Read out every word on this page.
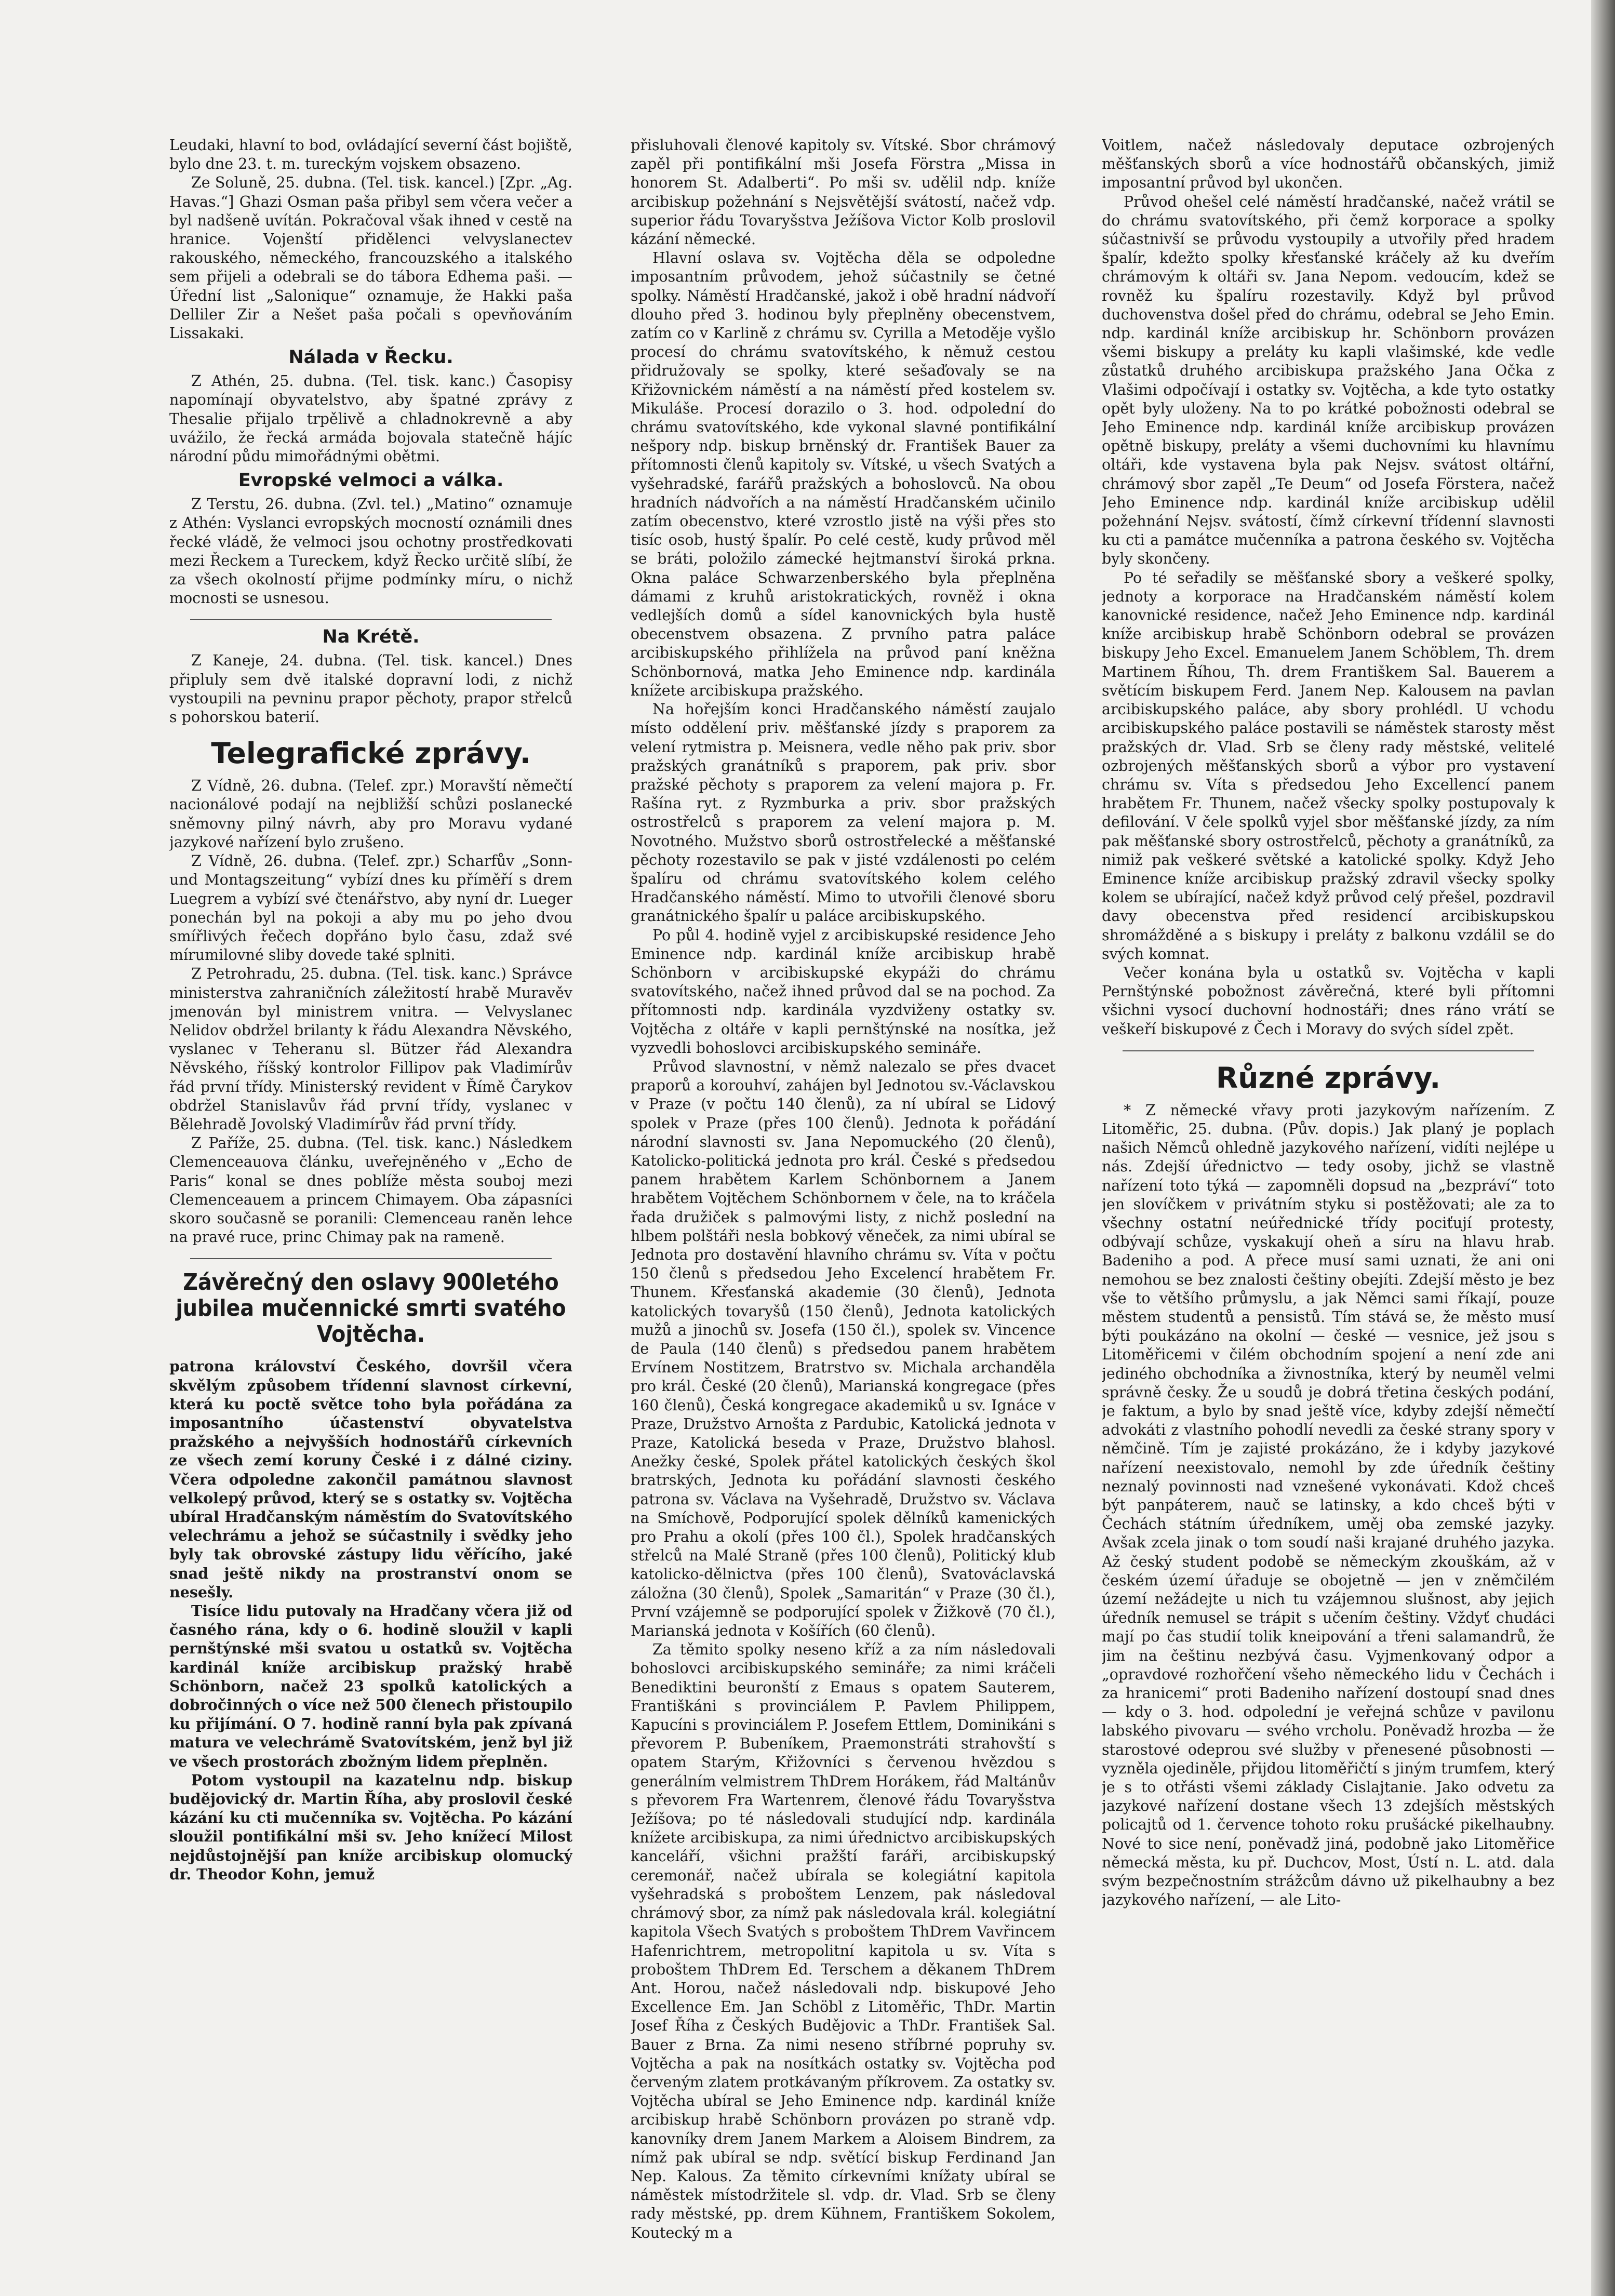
Leudaki, hlavní to bod, ovládající severní část bojiště, bylo dne 23. t. m. tureckým vojskem obsazeno.

Ze Soluně, 25. dubna. (Tel. tisk. kancel.) [Zpr. „Ag. Havas.“] Ghazi Osman paša přibyl sem včera večer a byl nadšeně uvítán. Pokračoval však ihned v cestě na hranice. Vojenští přidělenci velvyslanectev rakouského, německého, francouzského a italského sem přijeli a odebrali se do tábora Edhema paši. — Úřední list „Salonique“ oznamuje, že Hakki paša Delliler Zir a Nešet paša počali s opevňováním Lissakaki.

Nálada v Řecku.

Z Athén, 25. dubna. (Tel. tisk. kanc.) Časopisy napomínají obyvatelstvo, aby špatné zprávy z Thesalie přijalo trpělivě a chladnokrevně a aby uvážilo, že řecká armáda bojovala statečně hájíc národní půdu mimořádnými obětmi.

Evropské velmoci a válka.

Z Terstu, 26. dubna. (Zvl. tel.) „Matino“ oznamuje z Athén: Vyslanci evropských mocností oznámili dnes řecké vládě, že velmoci jsou ochotny prostředkovati mezi Řeckem a Tureckem, když Řecko určitě slíbí, že za všech okolností přijme podmínky míru, o nichž mocnosti se usnesou.

Na Krétě.

Z Kaneje, 24. dubna. (Tel. tisk. kancel.) Dnes připluly sem dvě italské dopravní lodi, z nichž vystoupili na pevninu prapor pěchoty, prapor střelců s pohorskou baterií.

Telegrafické zprávy.

Z Vídně, 26. dubna. (Telef. zpr.) Moravští němečtí nacionálové podají na nejbližší schůzi poslanecké sněmovny pilný návrh, aby pro Moravu vydané jazykové nařízení bylo zrušeno.

Z Vídně, 26. dubna. (Telef. zpr.) Scharfův „Sonn- und Montagszeitung“ vybízí dnes ku příměří s drem Luegrem a vybízí své čtenářstvo, aby nyní dr. Lueger ponechán byl na pokoji a aby mu po jeho dvou smířlivých řečech dopřáno bylo času, zdaž své mírumilovné sliby dovede také splniti.

Z Petrohradu, 25. dubna. (Tel. tisk. kanc.) Správce ministerstva zahraničních záležitostí hrabě Muravěv jmenován byl ministrem vnitra. — Velvyslanec Nelidov obdržel brilanty k řádu Alexandra Něvského, vyslanec v Teheranu sl. Bützer řád Alexandra Něvského, říšský kontrolor Fillipov pak Vladimírův řád první třídy. Ministerský revident v Římě Čarykov obdržel Stanislavův řád první třídy, vyslanec v Bělehradě Jovolský Vladimírův řád první třídy.

Z Paříže, 25. dubna. (Tel. tisk. kanc.) Následkem Clemenceauova článku, uveřejněného v „Echo de Paris“ konal se dnes poblíže města souboj mezi Clemenceauem a princem Chimayem. Oba zápasníci skoro současně se poranili: Clemenceau raněn lehce na pravé ruce, princ Chimay pak na rameně.

Závěrečný den oslavy 900letého jubilea mučennické smrti svatého Vojtěcha.

patrona království Českého, dovršil včera skvělým způsobem třídenní slavnost církevní, která ku poctě světce toho byla pořádána za imposantního účastenství obyvatelstva pražského a nejvyšších hodnostářů církevních ze všech zemí koruny České i z dálné ciziny. Včera odpoledne zakončil památnou slavnost velkolepý průvod, který se s ostatky sv. Vojtěcha ubíral Hradčanským náměstím do Svatovítského velechrámu a jehož se súčastnily i svědky jeho byly tak obrovské zástupy lidu věřícího, jaké snad ještě nikdy na prostranství onom se nesešly.

Tisíce lidu putovaly na Hradčany včera již od časného rána, kdy o 6. hodině sloužil v kapli pernštýnské mši svatou u ostatků sv. Vojtěcha kardinál kníže arcibiskup pražský hrabě Schönborn, načež 23 spolků katolických a dobročinných o více než 500 členech přistoupilo ku přijímání. O 7. hodině ranní byla pak zpívaná matura ve velechrámě Svatovítském, jenž byl již ve všech prostorách zbožným lidem přeplněn.

Potom vystoupil na kazatelnu ndp. biskup budějovický dr. Martin Říha, aby proslovil české kázání ku cti mučenníka sv. Vojtěcha. Po kázání sloužil pontifikální mši sv. Jeho knížecí Milost nejdůstojnější pan kníže arcibiskup olomucký dr. Theodor Kohn, jemuž

přisluhovali členové kapitoly sv. Vítské. Sbor chrámový zapěl při pontifikální mši Josefa Förstra „Missa in honorem St. Adalberti“. Po mši sv. udělil ndp. kníže arcibiskup požehnání s Nejsvětější svátostí, načež vdp. superior řádu Tovaryšstva Ježíšova Victor Kolb proslovil kázání německé.

Hlavní oslava sv. Vojtěcha děla se odpoledne imposantním průvodem, jehož súčastnily se četné spolky. Náměstí Hradčanské, jakož i obě hradní nádvoří dlouho před 3. hodinou byly přeplněny obecenstvem, zatím co v Karlině z chrámu sv. Cyrilla a Metoděje vyšlo procesí do chrámu svatovítského, k němuž cestou přidružovaly se spolky, které sešaďovaly se na Křižovnickém náměstí a na náměstí před kostelem sv. Mikuláše. Procesí dorazilo o 3. hod. odpolední do chrámu svatovítského, kde vykonal slavné pontifikální nešpory ndp. biskup brněnský dr. František Bauer za přítomnosti členů kapitoly sv. Vítské, u všech Svatých a vyšehradské, farářů pražských a bohoslovců. Na obou hradních nádvořích a na náměstí Hradčanském učinilo zatím obecenstvo, které vzrostlo jistě na výši přes sto tisíc osob, hustý špalír. Po celé cestě, kudy průvod měl se bráti, položilo zámecké hejtmanství široká prkna. Okna paláce Schwarzenberského byla přeplněna dámami z kruhů aristokratických, rovněž i okna vedlejších domů a sídel kanovnických byla hustě obecenstvem obsazena. Z prvního patra paláce arcibiskupského přihlížela na průvod paní kněžna Schönbornová, matka Jeho Eminence ndp. kardinála knížete arcibiskupa pražského.

Na hořejším konci Hradčanského náměstí zaujalo místo oddělení priv. měšťanské jízdy s praporem za velení rytmistra p. Meisnera, vedle něho pak priv. sbor pražských granátníků s praporem, pak priv. sbor pražské pěchoty s praporem za velení majora p. Fr. Rašína ryt. z Ryzmburka a priv. sbor pražských ostrostřelců s praporem za velení majora p. M. Novotného. Mužstvo sborů ostrostřelecké a měšťanské pěchoty rozestavilo se pak v jisté vzdálenosti po celém špalíru od chrámu svatovítského kolem celého Hradčanského náměstí. Mimo to utvořili členové sboru granátnického špalír u paláce arcibiskupského.

Po půl 4. hodině vyjel z arcibiskupské residence Jeho Eminence ndp. kardinál kníže arcibiskup hrabě Schönborn v arcibiskupské ekypáži do chrámu svatovítského, načež ihned průvod dal se na pochod. Za přítomnosti ndp. kardinála vyzdviženy ostatky sv. Vojtěcha z oltáře v kapli pernštýnské na nosítka, jež vyzvedli bohoslovci arcibiskupského semináře.

Průvod slavnostní, v němž nalezalo se přes dvacet praporů a korouhví, zahájen byl Jednotou sv.-Václavskou v Praze (v počtu 140 členů), za ní ubíral se Lidový spolek v Praze (přes 100 členů). Jednota k pořádání národní slavnosti sv. Jana Nepomuckého (20 členů), Katolicko-politická jednota pro král. České s předsedou panem hrabětem Karlem Schönbornem a Janem hrabětem Vojtěchem Schönbornem v čele, na to kráčela řada družiček s palmovými listy, z nichž poslední na hlbem polštáři nesla bobkový věneček, za nimi ubíral se Jednota pro dostavění hlavního chrámu sv. Víta v počtu 150 členů s předsedou Jeho Excelencí hrabětem Fr. Thunem. Křesťanská akademie (30 členů), Jednota katolických tovaryšů (150 členů), Jednota katolických mužů a jinochů sv. Josefa (150 čl.), spolek sv. Vincence de Paula (140 členů) s předsedou panem hrabětem Ervínem Nostitzem, Bratrstvo sv. Michala archanděla pro král. České (20 členů), Marianská kongregace (přes 160 členů), Česká kongregace akademiků u sv. Ignáce v Praze, Družstvo Arnošta z Pardubic, Katolická jednota v Praze, Katolická beseda v Praze, Družstvo blahosl. Anežky české, Spolek přátel katolických českých škol bratrských, Jednota ku pořádání slavnosti českého patrona sv. Václava na Vyšehradě, Družstvo sv. Václava na Smíchově, Podporující spolek dělníků kamenických pro Prahu a okolí (přes 100 čl.), Spolek hradčanských střelců na Malé Straně (přes 100 členů), Politický klub katolicko-dělnictva (přes 100 členů), Svatováclavská záložna (30 členů), Spolek „Samaritán“ v Praze (30 čl.), První vzájemně se podporující spolek v Žižkově (70 čl.), Marianská jednota v Košířích (60 členů).

Za těmito spolky neseno kříž a za ním následovali bohoslovci arcibiskupského semináře; za nimi kráčeli Benediktini beuronští z Emaus s opatem Sauterem, Františkáni s provinciálem P. Pavlem Philippem, Kapucíni s provinciálem P. Josefem Ettlem, Dominikáni s převorem P. Bubeníkem, Praemonstráti strahovští s opatem Starým, Křižovníci s červenou hvězdou s generálním velmistrem ThDrem Horákem, řád Maltánův s převorem Fra Wartenrem, členové řádu Tovaryšstva Ježíšova; po té následovali studující ndp. kardinála knížete arcibiskupa, za nimi úřednictvo arcibiskupských kanceláří, všichni pražští faráři, arcibiskupský ceremonář, načež ubírala se kolegiátní kapitola vyšehradská s proboštem Lenzem, pak následoval chrámový sbor, za nímž pak následovala král. kolegiátní kapitola Všech Svatých s proboštem ThDrem Vavřincem Hafenrichtrem, metropolitní kapitola u sv. Víta s proboštem ThDrem Ed. Terschem a děkanem ThDrem Ant. Horou, načež následovali ndp. biskupové Jeho Excellence Em. Jan Schöbl z Litoměřic, ThDr. Martin Josef Říha z Českých Budějovic a ThDr. František Sal. Bauer z Brna. Za nimi neseno stříbrné popruhy sv. Vojtěcha a pak na nosítkách ostatky sv. Vojtěcha pod červeným zlatem protkávaným příkrovem. Za ostatky sv. Vojtěcha ubíral se Jeho Eminence ndp. kardinál kníže arcibiskup hrabě Schönborn provázen po straně vdp. kanovníky drem Janem Markem a Aloisem Bindrem, za nímž pak ubíral se ndp. světící biskup Ferdinand Jan Nep. Kalous. Za těmito církevními knížaty ubíral se náměstek místodržitele sl. vdp. dr. Vlad. Srb se členy rady městské, pp. drem Kühnem, Františkem Sokolem, Koutecký m a

Voitlem, načež následovaly deputace ozbrojených měšťanských sborů a více hodnostářů občanských, jimiž imposantní průvod byl ukončen.

Průvod ohešel celé náměstí hradčanské, načež vrátil se do chrámu svatovítského, při čemž korporace a spolky súčastnivší se průvodu vystoupily a utvořily před hradem špalír, kdežto spolky křesťanské kráčely až ku dveřím chrámovým k oltáři sv. Jana Nepom. vedoucím, kdež se rovněž ku špalíru rozestavily. Když byl průvod duchovenstva došel před do chrámu, odebral se Jeho Emin. ndp. kardinál kníže arcibiskup hr. Schönborn provázen všemi biskupy a preláty ku kapli vlašimské, kde vedle zůstatků druhého arcibiskupa pražského Jana Očka z Vlašimi odpočívají i ostatky sv. Vojtěcha, a kde tyto ostatky opět byly uloženy. Na to po krátké pobožnosti odebral se Jeho Eminence ndp. kardinál kníže arcibiskup provázen opětně biskupy, preláty a všemi duchovními ku hlavnímu oltáři, kde vystavena byla pak Nejsv. svátost oltářní, chrámový sbor zapěl „Te Deum“ od Josefa Förstera, načež Jeho Eminence ndp. kardinál kníže arcibiskup udělil požehnání Nejsv. svátostí, čímž církevní třídenní slavnosti ku cti a památce mučenníka a patrona českého sv. Vojtěcha byly skončeny.

Po té seřadily se měšťanské sbory a veškeré spolky, jednoty a korporace na Hradčanském náměstí kolem kanovnické residence, načež Jeho Eminence ndp. kardinál kníže arcibiskup hrabě Schönborn odebral se provázen biskupy Jeho Excel. Emanuelem Janem Schöblem, Th. drem Martinem Říhou, Th. drem Františkem Sal. Bauerem a světícím biskupem Ferd. Janem Nep. Kalousem na pavlan arcibiskupského paláce, aby sbory prohlédl. U vchodu arcibiskupského paláce postavili se náměstek starosty měst pražských dr. Vlad. Srb se členy rady městské, velitelé ozbrojených měšťanských sborů a výbor pro vystavení chrámu sv. Víta s předsedou Jeho Excellencí panem hrabětem Fr. Thunem, načež všecky spolky postupovaly k defilování. V čele spolků vyjel sbor měšťanské jízdy, za ním pak měšťanské sbory ostrostřelců, pěchoty a granátníků, za nimiž pak veškeré světské a katolické spolky. Když Jeho Eminence kníže arcibiskup pražský zdravil všecky spolky kolem se ubírající, načež když průvod celý přešel, pozdravil davy obecenstva před residencí arcibiskupskou shromážděné a s biskupy i preláty z balkonu vzdálil se do svých komnat.

Večer konána byla u ostatků sv. Vojtěcha v kapli Pernštýnské pobožnost závěrečná, které byli přítomni všichni vysocí duchovní hodnostáři; dnes ráno vrátí se veškeří biskupové z Čech i Moravy do svých sídel zpět.

Různé zprávy.

* Z německé vřavy proti jazykovým nařízením. Z Litoměřic, 25. dubna. (Pův. dopis.) Jak planý je poplach našich Němců ohledně jazykového nařízení, vidíti nejlépe u nás. Zdejší úřednictvo — tedy osoby, jichž se vlastně nařízení toto týká — zapomněli dopsud na „bezpráví“ toto jen slovíčkem v privátním styku si postěžovati; ale za to všechny ostatní neúřednické třídy pociťují protesty, odbývají schůze, vyskakují oheň a síru na hlavu hrab. Badeniho a pod. A přece musí sami uznati, že ani oni nemohou se bez znalosti češtiny obejíti. Zdejší město je bez vše to většího průmyslu, a jak Němci sami říkají, pouze městem studentů a pensistů. Tím stává se, že město musí býti poukázáno na okolní — české — vesnice, jež jsou s Litoměřicemi v čilém obchodním spojení a není zde ani jediného obchodníka a živnostníka, který by neuměl velmi správně česky. Že u soudů je dobrá třetina českých podání, je faktum, a bylo by snad ještě více, kdyby zdejší němečtí advokáti z vlastního pohodlí nevedli za české strany spory v němčině. Tím je zajisté prokázáno, že i kdyby jazykové nařízení neexistovalo, nemohl by zde úředník češtiny neznalý povinnosti nad vznešené vykonávati. Kdož chceš být panpáterem, nauč se latinsky, a kdo chceš býti v Čechách státním úředníkem, uměj oba zemské jazyky. Avšak zcela jinak o tom soudí naši krajané druhého jazyka. Až český student podobě se německým zkouškám, až v českém území úřaduje se obojetně — jen v zněmčilém území nežádejte u nich tu vzájemnou slušnost, aby jejich úředník nemusel se trápit s učením češtiny. Vždyť chudáci mají po čas studií tolik kneipování a třeni salamandrů, že jim na češtinu nezbývá času. Vyjmenkovaný odpor a „opravdové rozhořčení všeho německého lidu v Čechách i za hranicemi“ proti Badeniho nařízení dostoupí snad dnes — kdy o 3. hod. odpolední je veřejná schůze v pavilonu labského pivovaru — svého vrcholu. Poněvadž hrozba — že starostové odeprou své služby v přenesené působnosti — vyzněla ojediněle, přijdou litoměřičtí s jiným trumfem, který je s to otřásti všemi základy Cislajtanie. Jako odvetu za jazykové nařízení dostane všech 13 zdejších městských policajtů od 1. července tohoto roku prušácké pikelhaubny. Nové to sice není, poněvadž jiná, podobně jako Litoměřice německá města, ku př. Duchcov, Most, Ústí n. L. atd. dala svým bezpečnostním strážcům dávno už pikelhaubny a bez jazykového nařízení, — ale Lito-
